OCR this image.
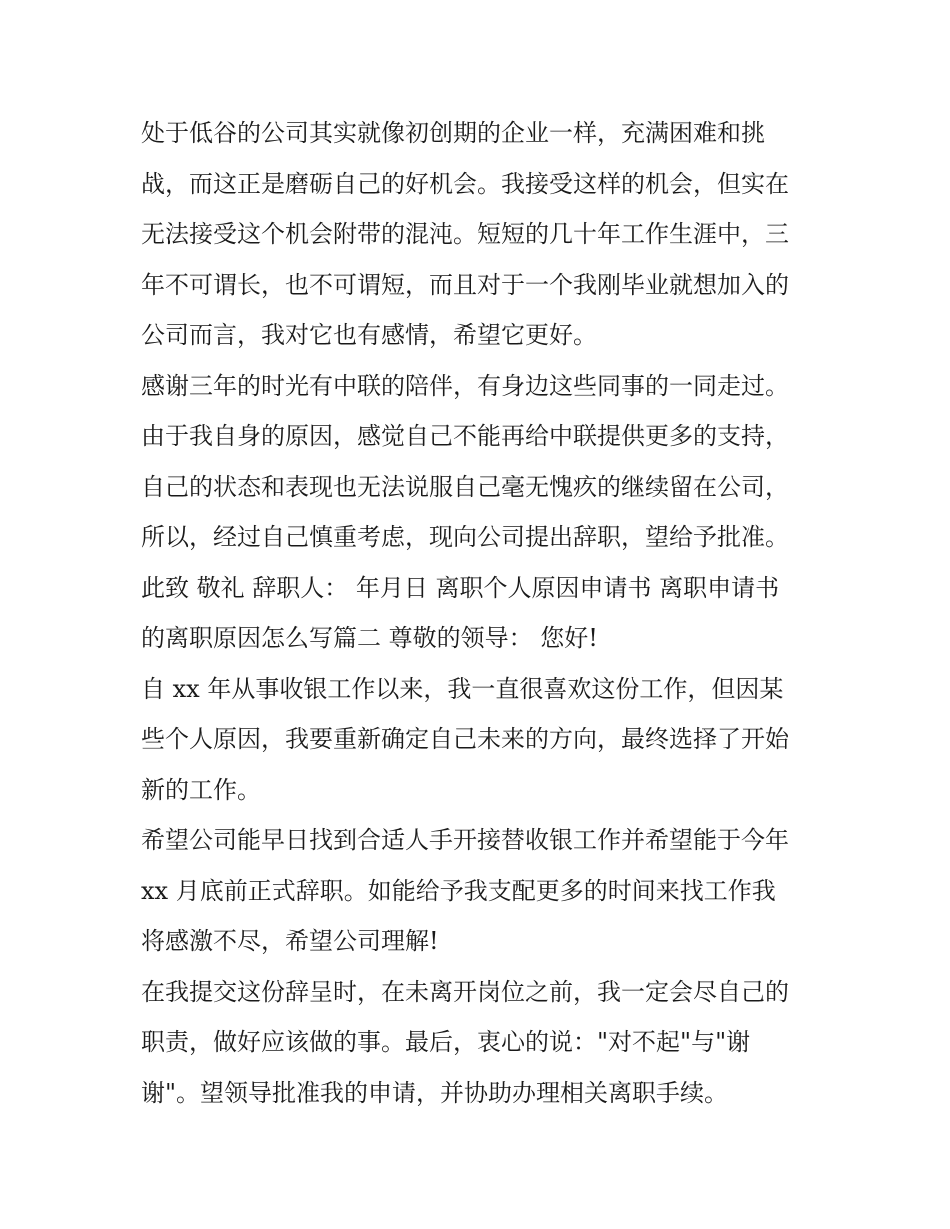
处于低谷的公司其实就像初创期的企业一样，充满困难和挑
战，而这正是磨砺自己的好机会。我接受这样的机会，但实在
无法接受这个机会附带的混沌。短短的几十年工作生涯中，三
年不可谓长，也不可谓短，而且对于一个我刚毕业就想加入的
公司而言，我对它也有感情，希望它更好。
感谢三年的时光有中联的陪伴，有身边这些同事的一同走过。
由于我自身的原因，感觉自己不能再给中联提供更多的支持，
自己的状态和表现也无法说服自己毫无愧疚的继续留在公司，
所以，经过自己慎重考虑，现向公司提出辞职，望给予批准。
此致 敬礼 辞职人： 年月日 离职个人原因申请书 离职申请书
的离职原因怎么写篇二 尊敬的领导： 您好!
自 xx 年从事收银工作以来，我一直很喜欢这份工作，但因某
些个人原因，我要重新确定自己未来的方向，最终选择了开始
新的工作。
希望公司能早日找到合适人手开接替收银工作并希望能于今年
xx 月底前正式辞职。如能给予我支配更多的时间来找工作我
将感激不尽，希望公司理解!
在我提交这份辞呈时，在未离开岗位之前，我一定会尽自己的
职责，做好应该做的事。最后，衷心的说："对不起"与"谢
谢"。望领导批准我的申请，并协助办理相关离职手续。
